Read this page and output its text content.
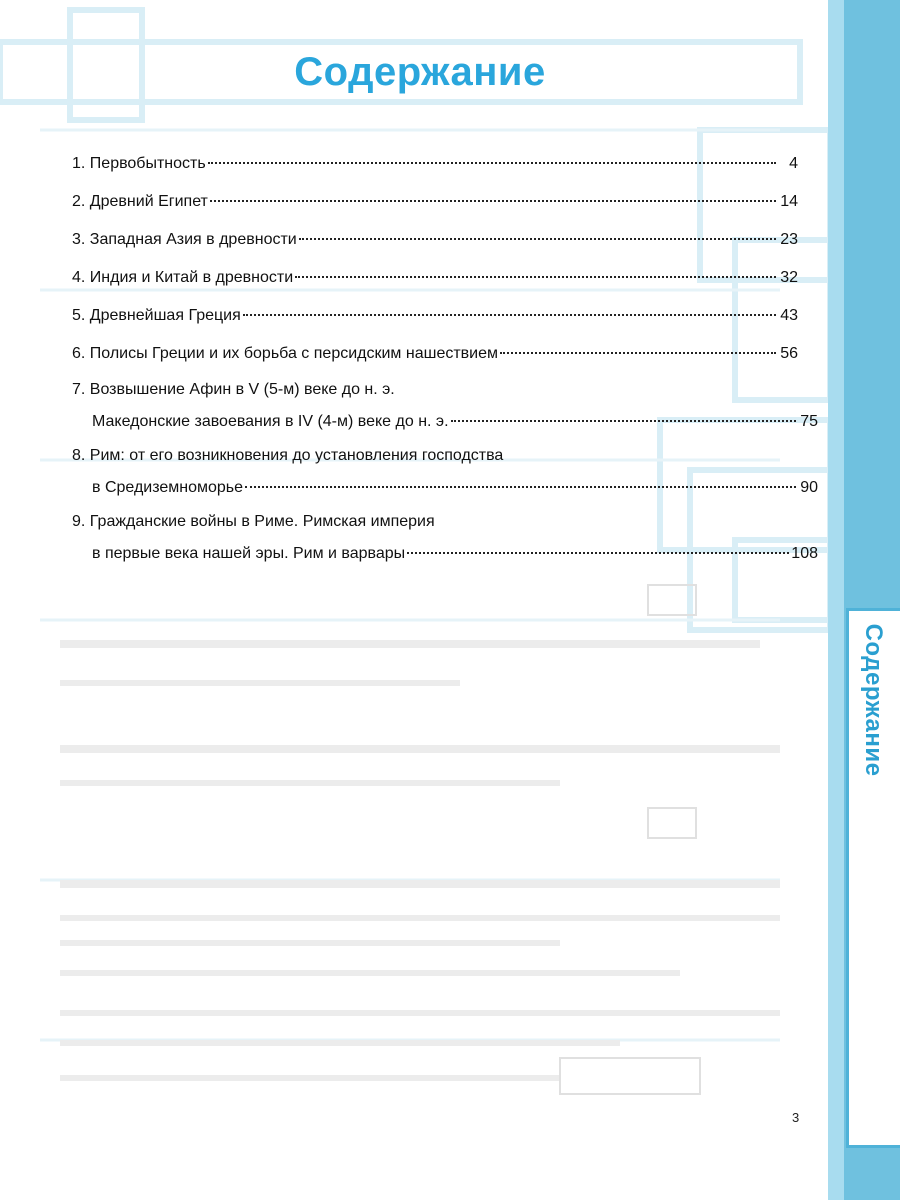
Содержание
Содержание
1. Первобытность	4
2. Древний Египет	14
3. Западная Азия в древности	23
4. Индия и Китай в древности	32
5. Древнейшая Греция	43
6. Полисы Греции и их борьба с персидским нашествием	56
7. Возвышение Афин в V (5-м) веке до н. э.
Македонские завоевания в IV (4-м) веке до н. э.	75
8. Рим: от его возникновения до установления господства
в Средиземноморье	90
9. Гражданские войны в Риме. Римская империя
в первые века нашей эры. Рим и варвары	108
3
